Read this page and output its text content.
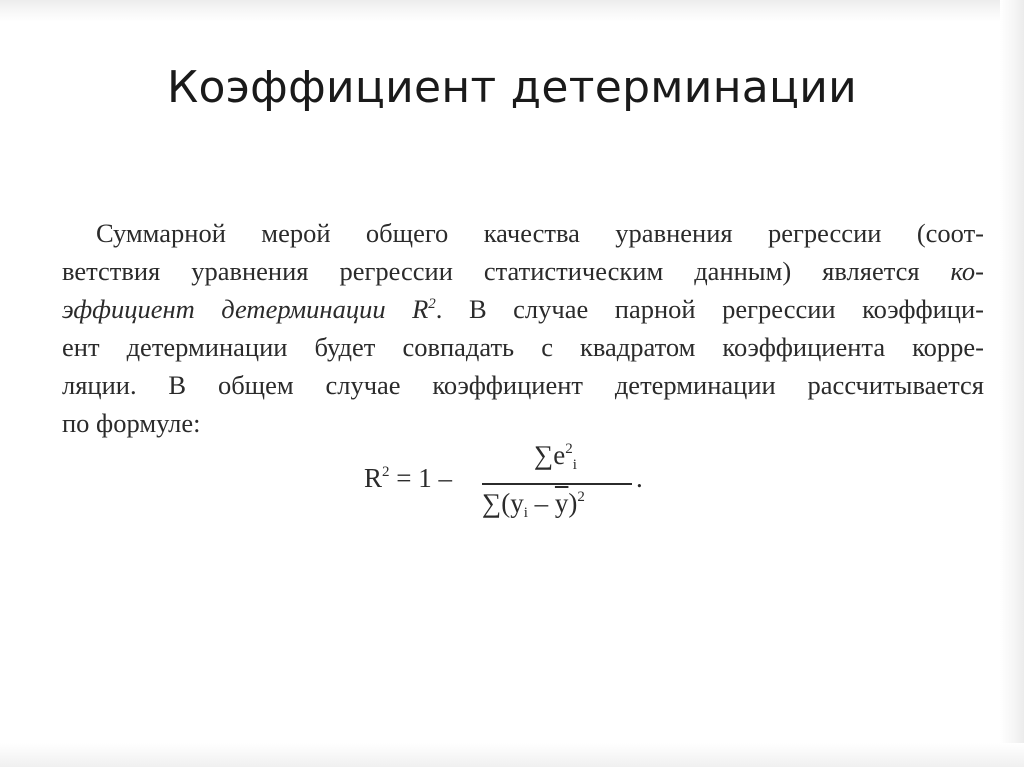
Коэффициент детерминации
Суммарной мерой общего качества уравнения регрессии (соот-
ветствия уравнения регрессии статистическим данным) является ко-
эффициент детерминации $R^2$. В случае парной регрессии коэффици-
ент детерминации будет совпадать с квадратом коэффициента корре-
ляции. В общем случае коэффициент детерминации рассчитывается
по формуле:
$R^2 = 1$ –
$\sum e^2_i$
$\sum(y_i - \overline{y})^2$
.
